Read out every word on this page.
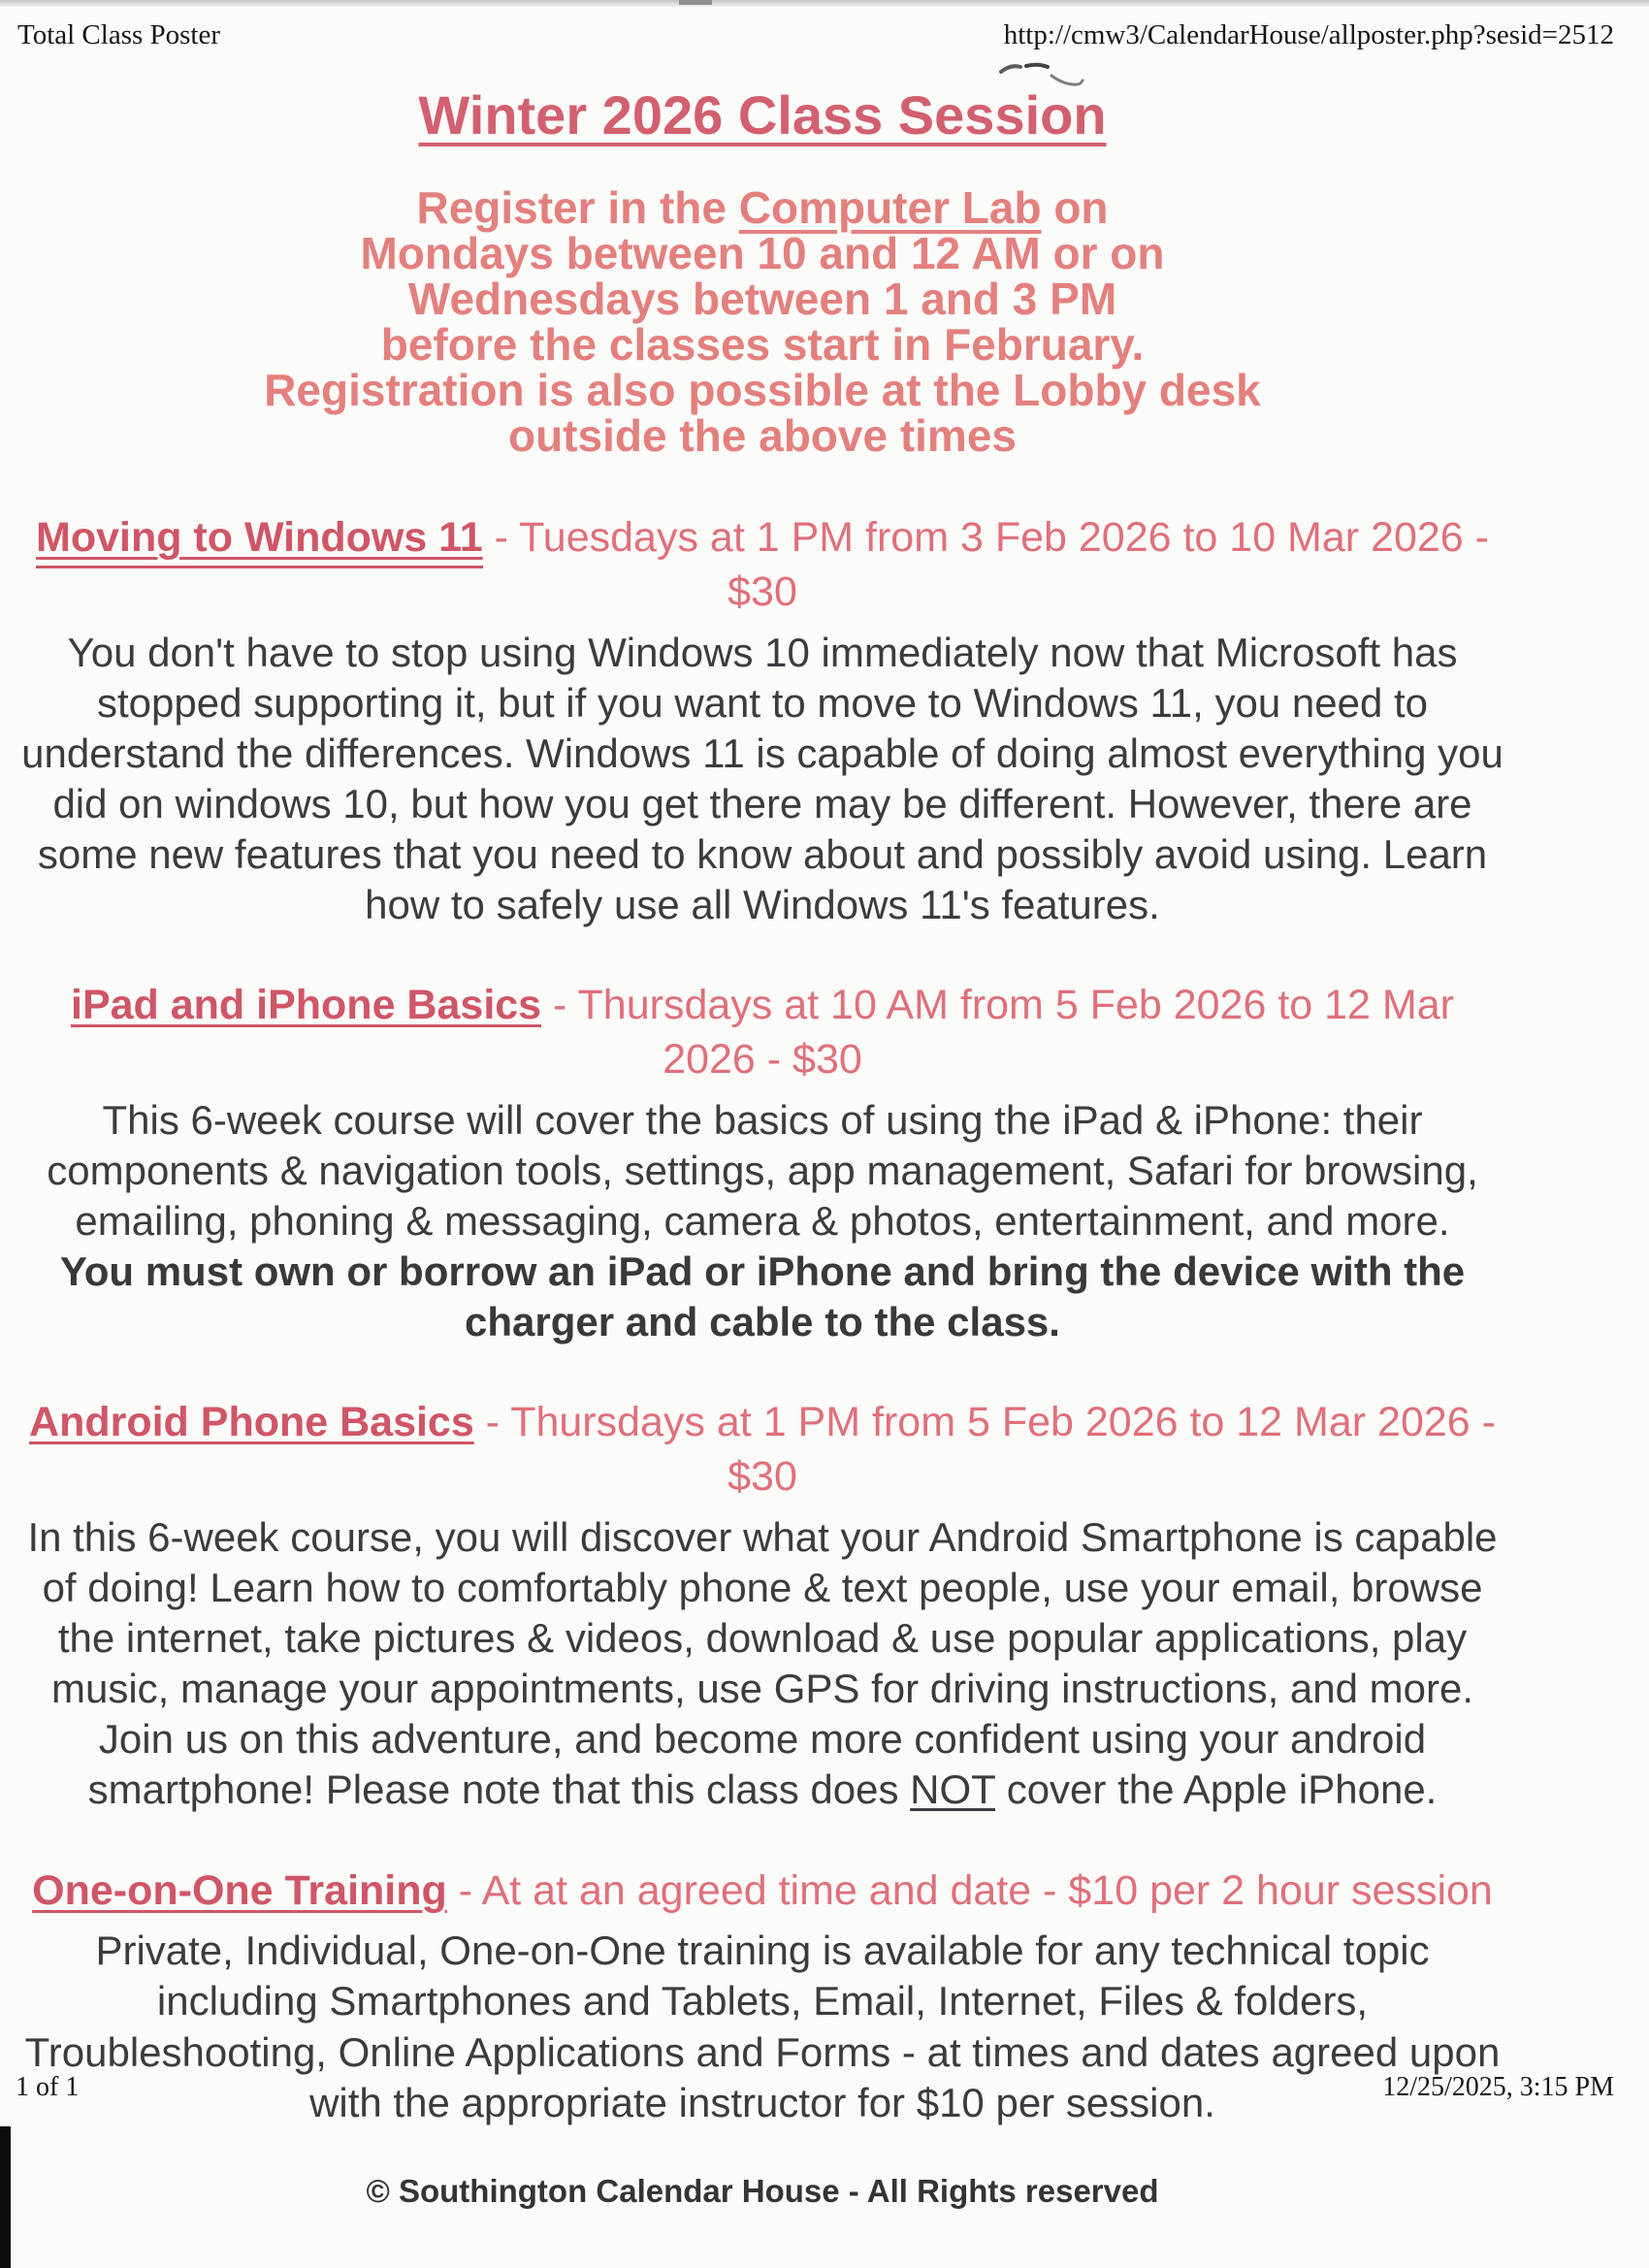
Total Class Poster	http://cmw3/CalendarHouse/allposter.php?sesid=2512
Winter 2026 Class Session
Register in the Computer Lab on
Mondays between 10 and 12 AM or on
Wednesdays between 1 and 3 PM
before the classes start in February.
Registration is also possible at the Lobby desk
outside the above times
Moving to Windows 11 - Tuesdays at 1 PM from 3 Feb 2026 to 10 Mar 2026 - $30

You don't have to stop using Windows 10 immediately now that Microsoft has stopped supporting it, but if you want to move to Windows 11, you need to understand the differences. Windows 11 is capable of doing almost everything you did on windows 10, but how you get there may be different. However, there are some new features that you need to know about and possibly avoid using. Learn how to safely use all Windows 11's features.

iPad and iPhone Basics - Thursdays at 10 AM from 5 Feb 2026 to 12 Mar 2026 - $30

This 6-week course will cover the basics of using the iPad & iPhone: their components & navigation tools, settings, app management, Safari for browsing, emailing, phoning & messaging, camera & photos, entertainment, and more.
You must own or borrow an iPad or iPhone and bring the device with the charger and cable to the class.

Android Phone Basics - Thursdays at 1 PM from 5 Feb 2026 to 12 Mar 2026 - $30

In this 6-week course, you will discover what your Android Smartphone is capable of doing! Learn how to comfortably phone & text people, use your email, browse the internet, take pictures & videos, download & use popular applications, play music, manage your appointments, use GPS for driving instructions, and more. Join us on this adventure, and become more confident using your android smartphone! Please note that this class does NOT cover the Apple iPhone.

One-on-One Training - At at an agreed time and date - $10 per 2 hour session

Private, Individual, One-on-One training is available for any technical topic including Smartphones and Tablets, Email, Internet, Files & folders, Troubleshooting, Online Applications and Forms - at times and dates agreed upon with the appropriate instructor for $10 per session.

© Southington Calendar House - All Rights reserved

1 of 1	12/25/2025, 3:15 PM
